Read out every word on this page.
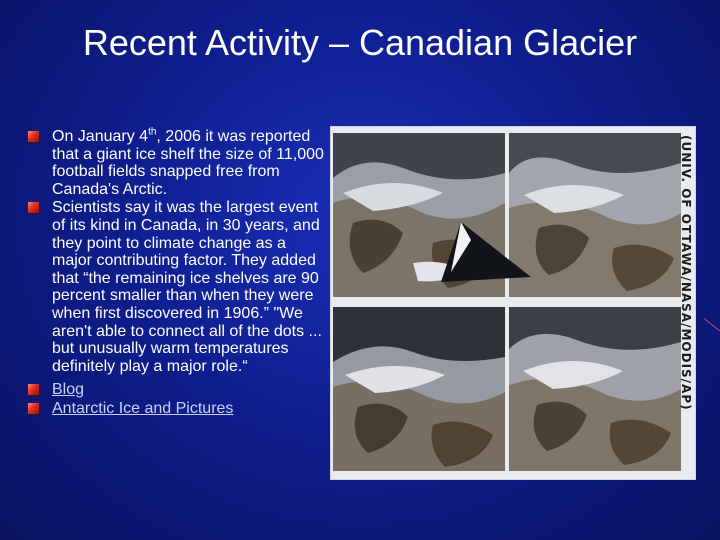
Recent Activity – Canadian Glacier
On January 4th, 2006 it was reported that a giant ice shelf the size of 11,000 football fields snapped free from Canada's Arctic.
Scientists say it was the largest event of its kind in Canada, in 30 years, and they point to climate change as a major contributing factor. They added that “the remaining ice shelves are 90 percent smaller than when they were when first discovered in 1906.” "We aren't able to connect all of the dots ... but unusually warm temperatures definitely play a major role.“
Blog
Antarctic Ice and Pictures	(UNIV. OF OTTAWA/NASA/MODIS/AP)
